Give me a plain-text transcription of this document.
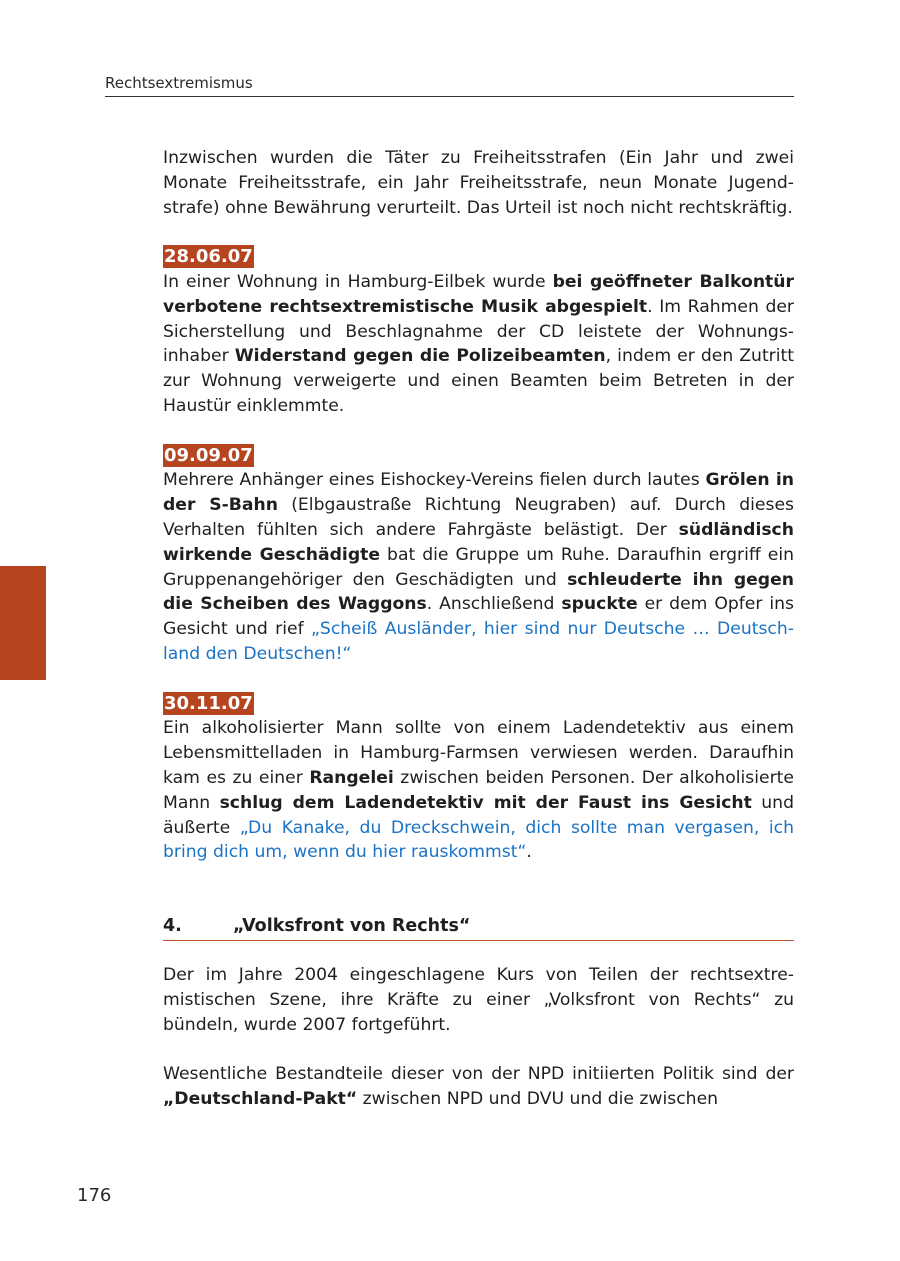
Rechtsextremismus

Inzwischen wurden die Täter zu Freiheitsstrafen (Ein Jahr und zwei Monate Freiheitsstrafe, ein Jahr Freiheitsstrafe, neun Monate Jugendstrafe) ohne Bewährung verurteilt. Das Urteil ist noch nicht rechtskräftig.

28.06.07

In einer Wohnung in Hamburg-Eilbek wurde bei geöffneter Balkontür verbotene rechtsextremistische Musik abgespielt. Im Rahmen der Sicherstellung und Beschlagnahme der CD leistete der Wohnungsinhaber Widerstand gegen die Polizeibeamten, indem er den Zutritt zur Wohnung verweigerte und einen Beamten beim Betreten in der Haustür einklemmte.

09.09.07

Mehrere Anhänger eines Eishockey-Vereins fielen durch lautes Grölen in der S-Bahn (Elbgaustraße Richtung Neugraben) auf. Durch dieses Verhalten fühlten sich andere Fahrgäste belästigt. Der südländisch wirkende Geschädigte bat die Gruppe um Ruhe. Daraufhin ergriff ein Gruppenangehöriger den Geschädigten und schleuderte ihn gegen die Scheiben des Waggons. Anschließend spuckte er dem Opfer ins Gesicht und rief „Scheiß Ausländer, hier sind nur Deutsche … Deutschland den Deutschen!“

30.11.07

Ein alkoholisierter Mann sollte von einem Ladendetektiv aus einem Lebensmittelladen in Hamburg-Farmsen verwiesen werden. Daraufhin kam es zu einer Rangelei zwischen beiden Personen. Der alkoholisierte Mann schlug dem Ladendetektiv mit der Faust ins Gesicht und äußerte „Du Kanake, du Dreckschwein, dich sollte man vergasen, ich bring dich um, wenn du hier rauskommst“.

4.	„Volksfront von Rechts“

Der im Jahre 2004 eingeschlagene Kurs von Teilen der rechtsextremistischen Szene, ihre Kräfte zu einer „Volksfront von Rechts“ zu bündeln, wurde 2007 fortgeführt.

Wesentliche Bestandteile dieser von der NPD initiierten Politik sind der „Deutschland-Pakt“ zwischen NPD und DVU und die zwischen

176
